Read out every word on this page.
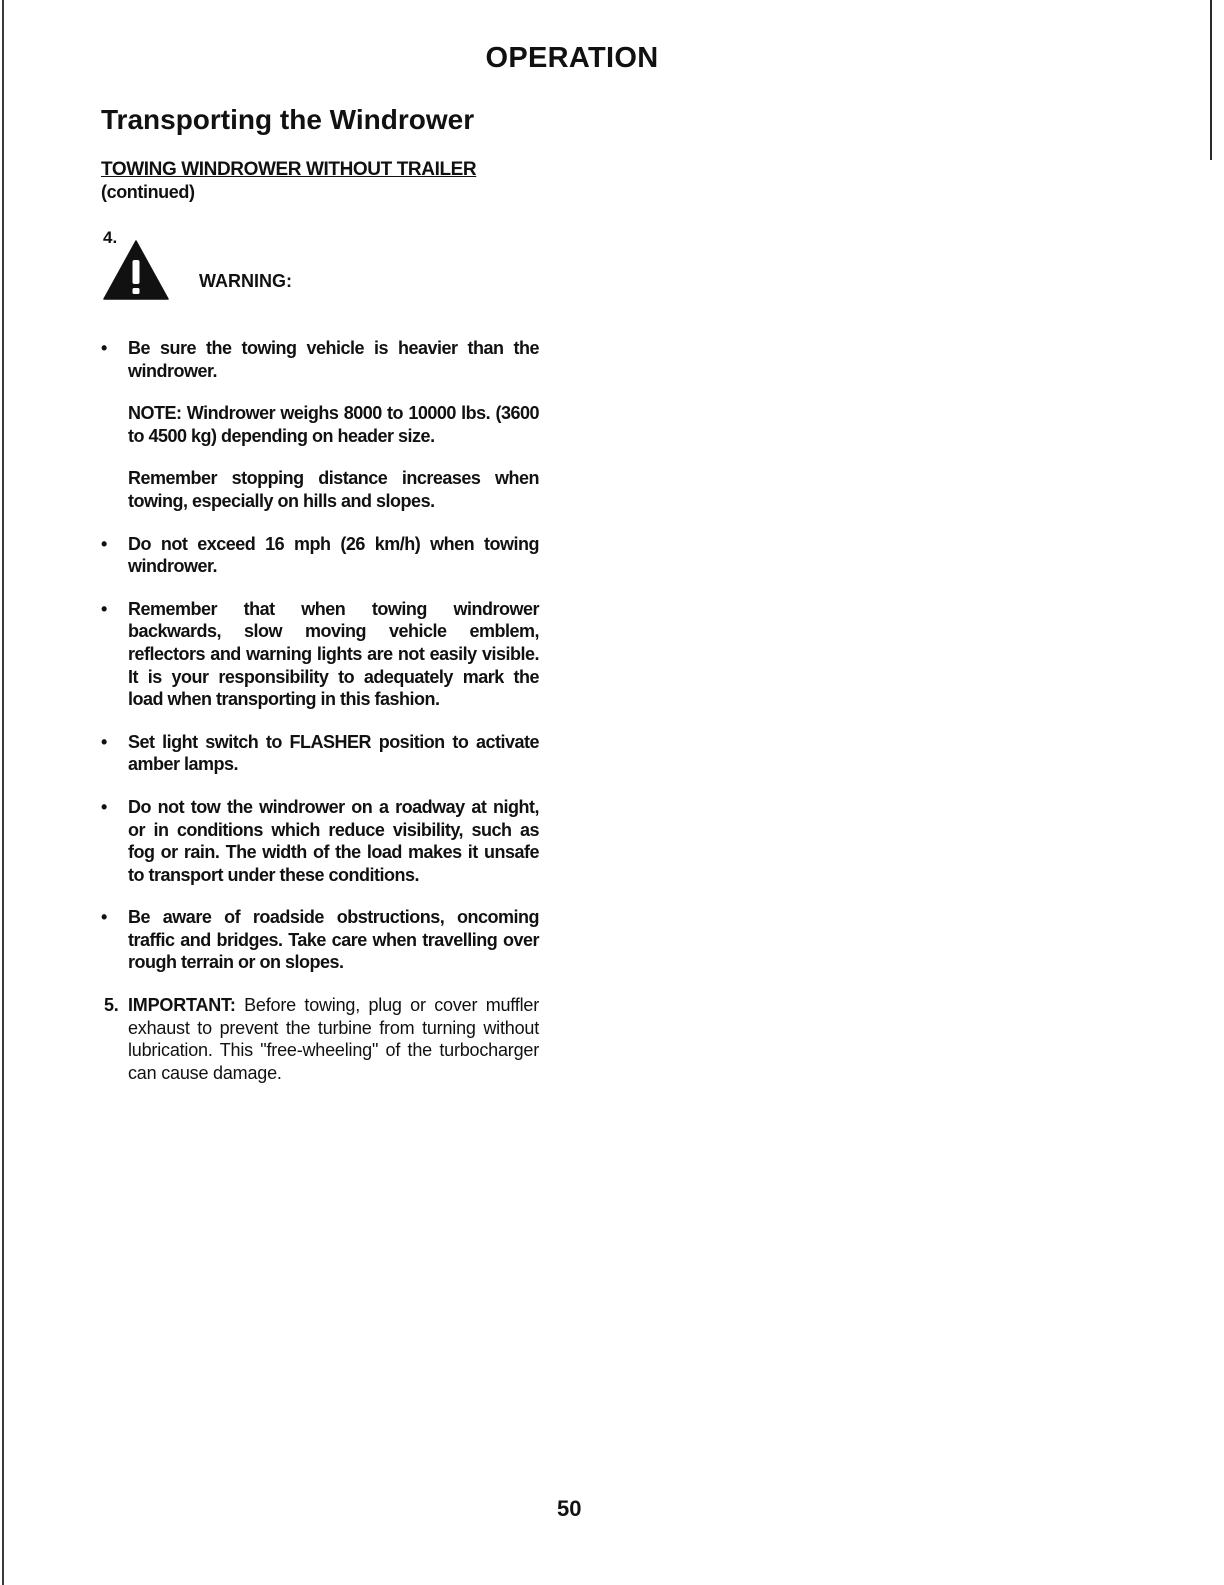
OPERATION
Transporting the Windrower
TOWING WINDROWER WITHOUT TRAILER
(continued)
4.
WARNING:
• Be sure the towing vehicle is heavier than the windrower.
NOTE: Windrower weighs 8000 to 10000 lbs. (3600 to 4500 kg) depending on header size.
Remember stopping distance increases when towing, especially on hills and slopes.
• Do not exceed 16 mph (26 km/h) when towing windrower.
• Remember that when towing windrower backwards, slow moving vehicle emblem, reflectors and warning lights are not easily visible. It is your responsibility to adequately mark the load when transporting in this fashion.
• Set light switch to FLASHER position to activate amber lamps.
• Do not tow the windrower on a roadway at night, or in conditions which reduce visibility, such as fog or rain. The width of the load makes it unsafe to transport under these conditions.
• Be aware of roadside obstructions, oncoming traffic and bridges. Take care when travelling over rough terrain or on slopes.
5. IMPORTANT: Before towing, plug or cover muffler exhaust to prevent the turbine from turning without lubrication. This "free-wheeling" of the turbocharger can cause damage.
50
